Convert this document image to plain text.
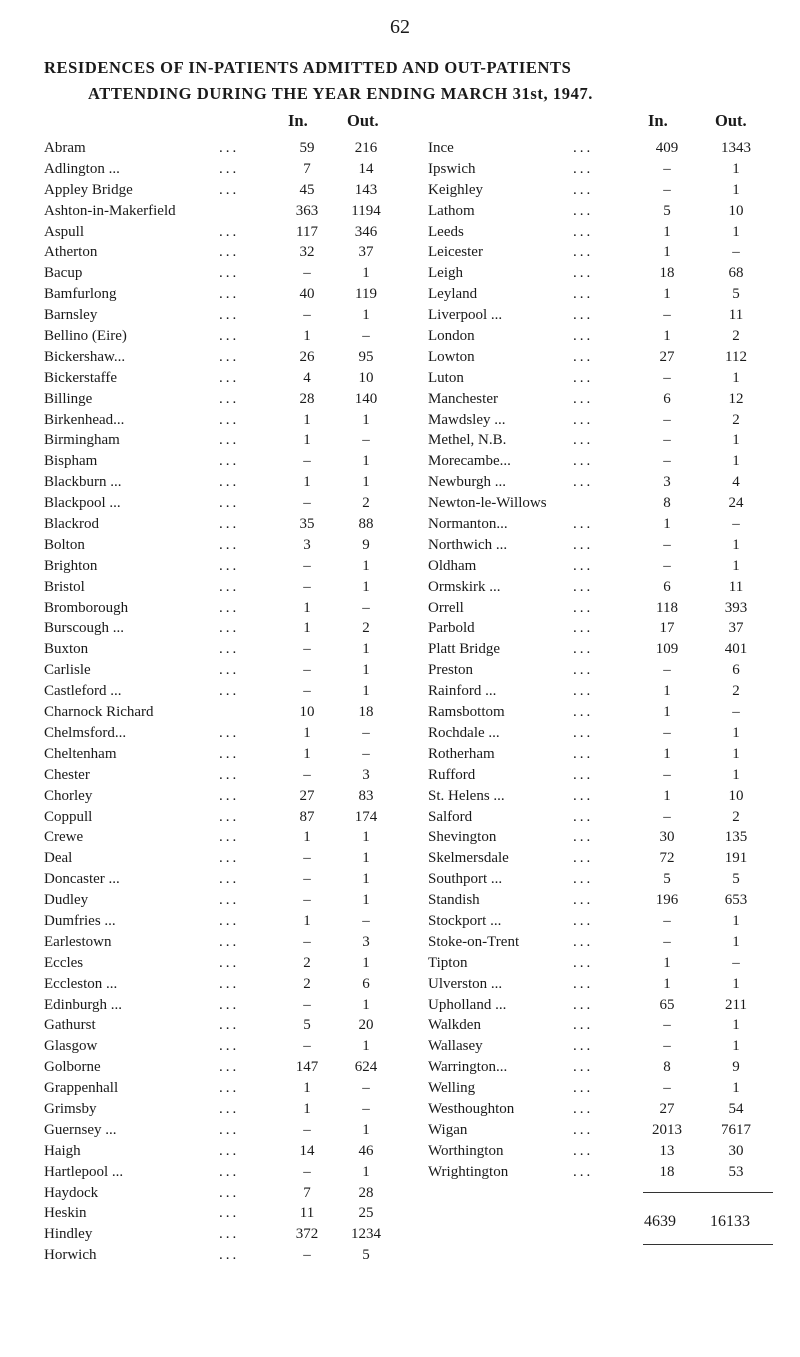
62
RESIDENCES OF IN-PATIENTS ADMITTED AND OUT-PATIENTS
ATTENDING DURING THE YEAR ENDING MARCH 31st, 1947.
In. Out.	In.	Out.
Abram	...	59	216
Adlington ...	...	7	14
Appley Bridge	...	45	143
Ashton-in-Makerfield	363	1194
Aspull	...	117	346
Atherton	...	32	37
Bacup	...	–	1
Bamfurlong	...	40	119
Barnsley	...	–	1
Bellino (Eire)	...	1	–
Bickershaw...	...	26	95
Bickerstaffe	...	4	10
Billinge	...	28	140
Birkenhead...	...	1	1
Birmingham	...	1	–
Bispham	...	–	1
Blackburn ...	...	1	1
Blackpool ...	...	–	2
Blackrod	...	35	88
Bolton	...	3	9
Brighton	...	–	1
Bristol	...	–	1
Bromborough	...	1	–
Burscough ...	...	1	2
Buxton	...	–	1
Carlisle	...	–	1
Castleford ...	...	–	1
Charnock Richard	10	18
Chelmsford...	...	1	–
Cheltenham	...	1	–
Chester	...	–	3
Chorley	...	27	83
Coppull	...	87	174
Crewe	...	1	1
Deal	...	–	1
Doncaster ...	...	–	1
Dudley	...	–	1
Dumfries ...	...	1	–
Earlestown	...	–	3
Eccles	...	2	1
Eccleston ...	...	2	6
Edinburgh ...	...	–	1
Gathurst	...	5	20
Glasgow	...	–	1
Golborne	...	147	624
Grappenhall	...	1	–
Grimsby	...	1	–
Guernsey ...	...	–	1
Haigh	...	14	46
Hartlepool ...	...	–	1
Haydock	...	7	28
Heskin	...	11	25
Hindley	...	372	1234
Horwich	...	–	5
Ince	...	409	1343
Ipswich	...	–	1
Keighley	...	–	1
Lathom	...	5	10
Leeds	...	1	1
Leicester	...	1	–
Leigh	...	18	68
Leyland	...	1	5
Liverpool ...	...	–	11
London	...	1	2
Lowton	...	27	112
Luton	...	–	1
Manchester	...	6	12
Mawdsley ...	...	–	2
Methel, N.B.	...	–	1
Morecambe...	...	–	1
Newburgh ...	...	3	4
Newton-le-Willows	8	24
Normanton...	...	1	–
Northwich ...	...	–	1
Oldham	...	–	1
Ormskirk ...	...	6	11
Orrell	...	118	393
Parbold	...	17	37
Platt Bridge	...	109	401
Preston	...	–	6
Rainford ...	...	1	2
Ramsbottom	...	1	–
Rochdale ...	...	–	1
Rotherham	...	1	1
Rufford	...	–	1
St. Helens ...	...	1	10
Salford	...	–	2
Shevington	...	30	135
Skelmersdale	...	72	191
Southport ...	...	5	5
Standish	...	196	653
Stockport ...	...	–	1
Stoke-on-Trent	...	–	1
Tipton	...	1	–
Ulverston ...	...	1	1
Upholland ...	...	65	211
Walkden	...	–	1
Wallasey	...	–	1
Warrington...	...	8	9
Welling	...	–	1
Westhoughton	...	27	54
Wigan	...	2013	7617
Worthington	...	13	30
Wrightington	...	18	53
4639 16133
